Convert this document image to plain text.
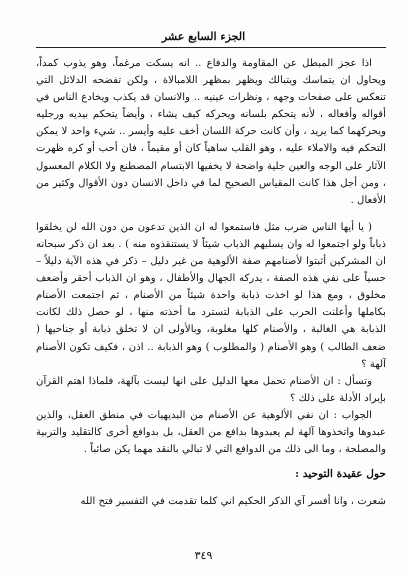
الجزء السابع عشر

اذا عجز المبطل عن المقاومة والدفاع .. انه يسكت مرغماً، وهو يذوب كمداً، ويحاول ان يتماسك ويتبالك ويظهر بمظهر اللامبالاة ، ولكن تفضحه الدلائل التي تنعكس على صفحات وجهه ، ونظرات عينيه .. والانسان قد يكذب ويخادع الناس في أقواله وأفعاله ، لأنه يتحكم بلسانه ويحركه كيف يشاء ، وأيضاً يتحكم بيديه ورجليه ويحركهما كما يريد ، وأن كانت حركة اللسان أخف عليه وأيسر .. شيء واحد لا يمكن التحكم فيه والاملاء عليه ، وهو القلب ساهياً كان أو مقيماً ، فان أحب أو كره ظهرت الآثار على الوجه والعين جلية واضحة لا يخفيها الابتسام المصطنع ولا الكلام المعسول ، ومن أجل هذا كانت المقياس الصحيح لما في داخل الانسان دون الأقوال وكثير من الأفعال .

( يا أيها الناس ضرب مثل فاستمعوا له ان الذين تدعون من دون الله لن يخلقوا ذباباً ولو اجتمعوا له وان يسلبهم الذباب شيئاً لا يستنقذوه منه ) . بعد ان ذكر سبحانه ان المشركين أثبتوا لأصنامهم صفة الألوهية من غير دليل – ذكر في هذه الآية دليلاً – حسياً على نفي هذه الصفة ، يدركه الجهال والأطفال ، وهو ان الذباب أحقر وأضعف مخلوق ، ومع هذا لو اخذت ذبابة واحدة شيئاً من الأصنام ، ثم اجتمعت الأصنام بكاملها وأعلنت الحرب على الذبابة لتسترد ما أخذته منها ، لو حصل ذلك لكانت الذبابة هي الغالبة ، والأصنام كلها مغلوبة، وبالأولى ان لا تخلق ذبابة أو جناحيها ( ضعف الطالب ) وهو الأصنام ( والمطلوب ) وهو الذبابة .. اذن ، فكيف تكون الأصنام آلهة ؟

وتسأل : ان الأصنام تحمل معها الدليل على انها ليست بآلهة، فلماذا اهتم القرآن بإيراد الأدلة على ذلك ؟

الجواب : ان نفي الألوهية عن الأصنام من البديهيات في منطق العقل، والذين عبدوها واتخذوها آلهة لم يعبدوها بدافع من العقل، بل بدوافع أخرى كالتقليد والتربية والمصلحة ، وما الى ذلك من الدوافع التي لا تبالي بالنقد مهما يكن صائباً .

حول عقيدة التوحيد :
شعرت ، وانا أفسر آي الذكر الحكيم اني كلما تقدمت في التفسير فتح الله
٣٤٩
